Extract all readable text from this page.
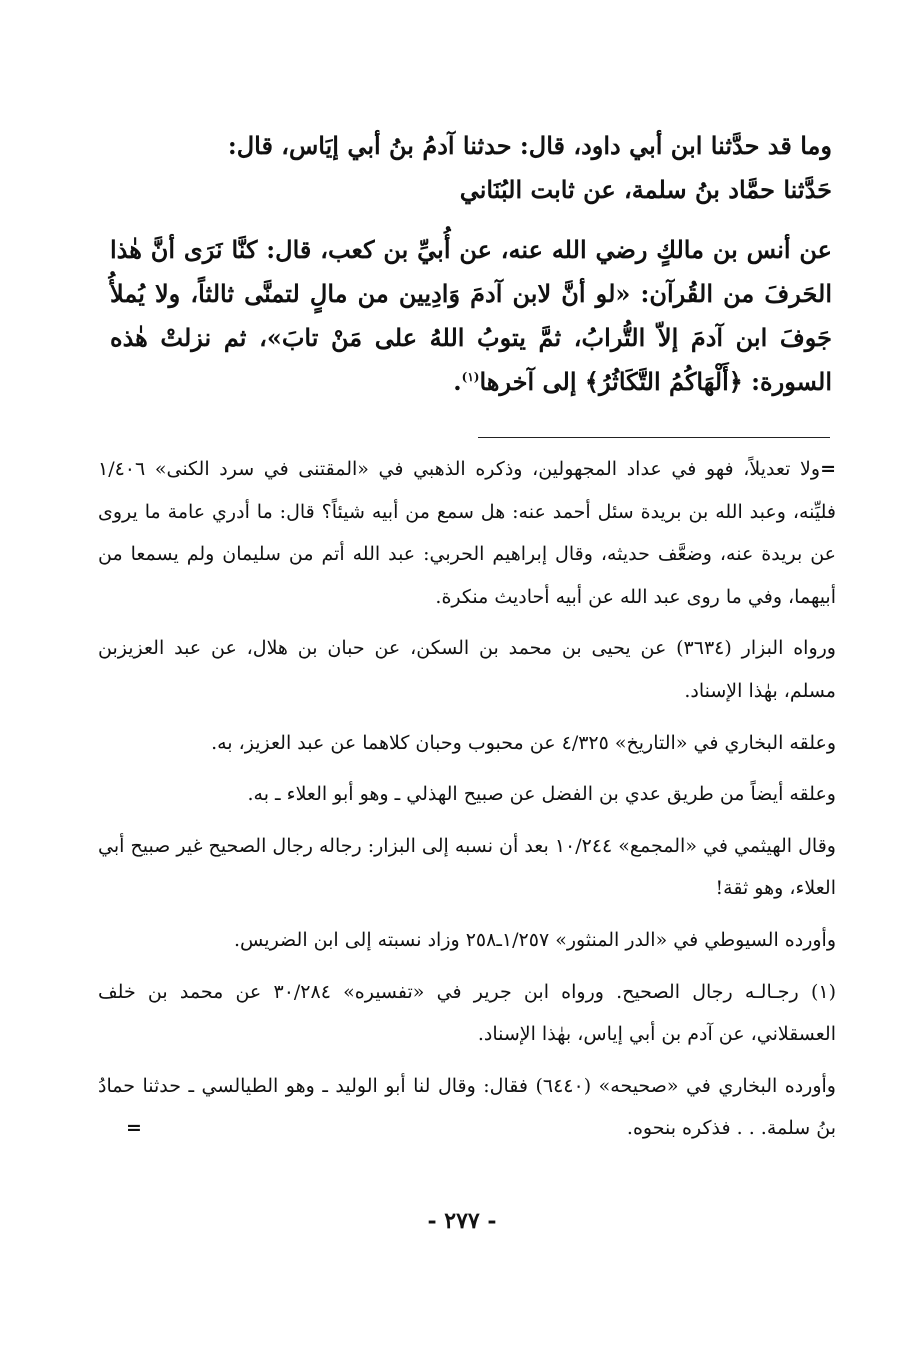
وما قد حدَّثنا ابن أبي داود، قال: حدثنا آدمُ بنُ أبي إيَاس، قال:

حَدَّثنا حمَّاد بنُ سلمة، عن ثابت البُنَاني

عن أنس بن مالكٍ رضي الله عنه، عن أُبيِّ بن كعب، قال: كنَّا نَرَى أنَّ هٰذا الحَرفَ من القُرآن: «لو أنَّ لابن آدمَ وَادِيين من مالٍ لتمنَّى ثالثاً، ولا يُملأُ جَوفَ ابن آدمَ إلاّ التُّرابُ، ثمَّ يتوبُ اللهُ على مَنْ تابَ»، ثم نزلتْ هٰذه السورة: ﴿أَلْهَاكُمُ التَّكَاثُرُ﴾ إلى آخرها$^{(١)}$.

=ولا تعديلاً، فهو في عداد المجهولين، وذكره الذهبي في «المقتنى في سرد الكنى» ١/٤٠٦ فليِّنه، وعبد الله بن بريدة سئل أحمد عنه: هل سمع من أبيه شيئاً؟ قال: ما أدري عامة ما يروى عن بريدة عنه، وضعَّف حديثه، وقال إبراهيم الحربي: عبد الله أتم من سليمان ولم يسمعا من أبيهما، وفي ما روى عبد الله عن أبيه أحاديث منكرة.

ورواه البزار (٣٦٣٤) عن يحيى بن محمد بن السكن، عن حبان بن هلال، عن عبد العزيزبن مسلم، بهٰذا الإسناد.

وعلقه البخاري في «التاريخ» ٤/٣٢٥ عن محبوب وحبان كلاهما عن عبد العزيز، به.

وعلقه أيضاً من طريق عدي بن الفضل عن صبيح الهذلي ـ وهو أبو العلاء ـ به.

وقال الهيثمي في «المجمع» ١٠/٢٤٤ بعد أن نسبه إلى البزار: رجاله رجال الصحيح غير صبيح أبي العلاء، وهو ثقة!

وأورده السيوطي في «الدر المنثور» ١/٢٥٧ـ٢٥٨ وزاد نسبته إلى ابن الضريس.

(١) رجـالـه رجال الصحيح. ورواه ابن جرير في «تفسيره» ٣٠/٢٨٤ عن محمد بن خلف العسقلاني، عن آدم بن أبي إياس، بهٰذا الإسناد.

وأورده البخاري في «صحيحه» (٦٤٤٠) فقال: وقال لنا أبو الوليد ـ وهو الطيالسي ـ حدثنا حمادُ بنُ سلمة. . . فذكره بنحوه.
=

- ٢٧٧ -
